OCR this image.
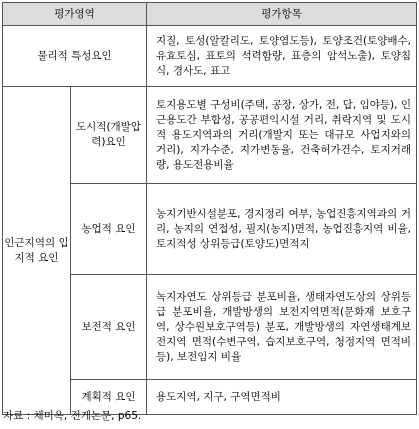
평가영역		평가항목
물리적 특성요인		지질, 토성(알칼리도, 토양염도등), 토양조건(토양배수, 유효토심, 표토의 석력함량, 표층의 암석노출), 토양침식, 경사도, 표고

인근지역의 입지적 요인	도시적(개발압력)요인	토지용도별 구성비(주택, 공장, 상가, 전, 답, 임야등), 인근용도간 부합성, 공공편익시설 거리, 취락지역 및 도시적 용도지역과의 거리(개발지 또는 대규모 사업지와의 거리), 지가수준, 지가변동율, 건축허가건수, 토지거래량, 용도전용비율

	농업적 요인	농지기반시설분포, 경지정리 여부, 농업진흥지역과의 거리, 농지의 연접성, 필지(농지)면적, 농업진흥지역 비율, 토지적성 상위등급(토양도)면적지

	보전적 요인	녹지자연도 상위등급 분포비율, 생태자연도상의 상위등급 분포비율, 개발방생의 보전지역면적(문화재 보호구역, 상수원보호구역등) 분포, 개발방생의 자연생태계보전지역 면적(수변구역, 습지보호구역, 청정지역 면적비등), 보전임지 비율

	계획적 요인	용도지역, 지구, 구역면적비
자료 : 채미옥, 전게논문, p65.
